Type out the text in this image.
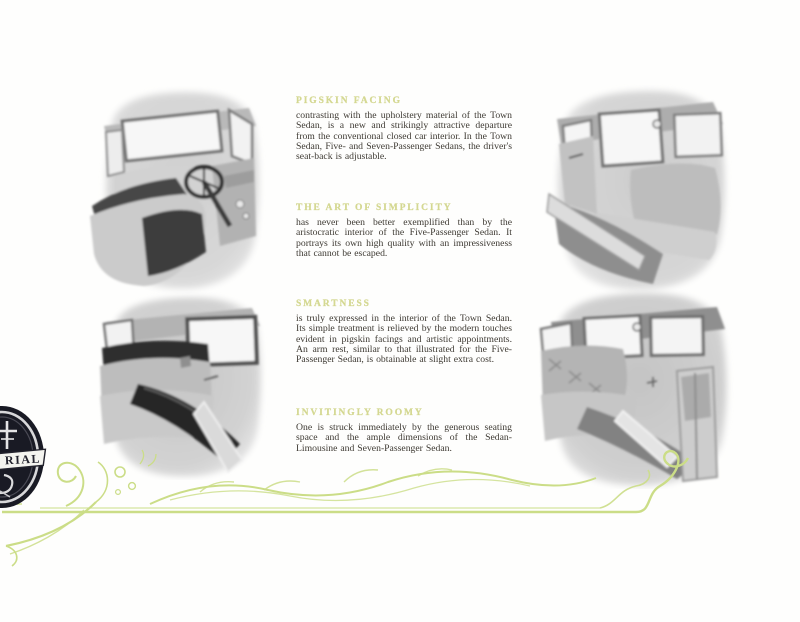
PIGSKIN FACING

contrasting with the upholstery material of the Town Sedan, is a new and strikingly attractive departure from the conventional closed car interior. In the Town Sedan, Five- and Seven-Passenger Sedans, the driver's seat-back is adjustable.

THE ART OF SIMPLICITY

has never been better exemplified than by the aristocratic interior of the Five-Passenger Sedan. It portrays its own high quality with an impressiveness that cannot be escaped.

SMARTNESS

is truly expressed in the interior of the Town Sedan. Its simple treatment is relieved by the modern touches evident in pigskin facings and artistic appointments. An arm rest, similar to that illustrated for the Five-Passenger Sedan, is obtainable at slight extra cost.

INVITINGLY ROOMY

One is struck immediately by the generous seating space and the ample dimensions of the Sedan-Limousine and Seven-Passenger Sedan.

RIAL
